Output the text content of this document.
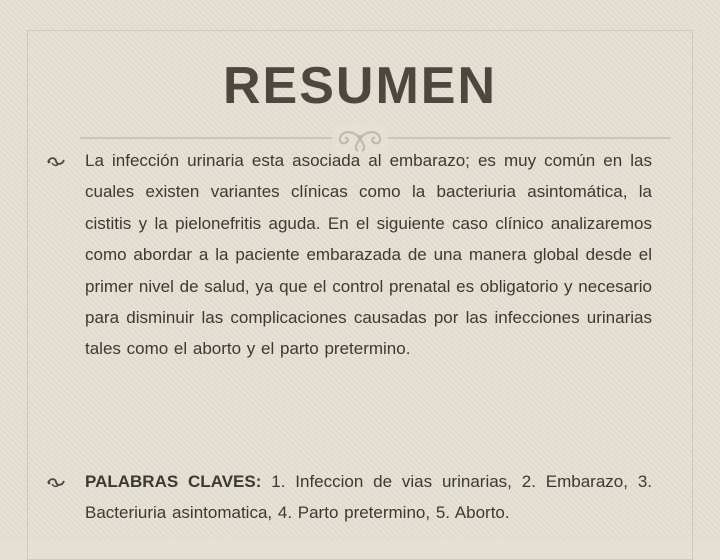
RESUMEN

La infección urinaria esta asociada al embarazo; es muy común en las cuales existen variantes clínicas como la bacteriuria asintomática, la cistitis y la pielonefritis aguda. En el siguiente caso clínico analizaremos como abordar a la paciente embarazada de una manera global desde el primer nivel de salud, ya que el control prenatal es obligatorio y necesario para disminuir las complicaciones causadas por las infecciones urinarias tales como el aborto y el parto pretermino.

PALABRAS CLAVES: 1. Infeccion de vias urinarias, 2. Embarazo, 3. Bacteriuria asintomatica, 4. Parto pretermino, 5. Aborto.
